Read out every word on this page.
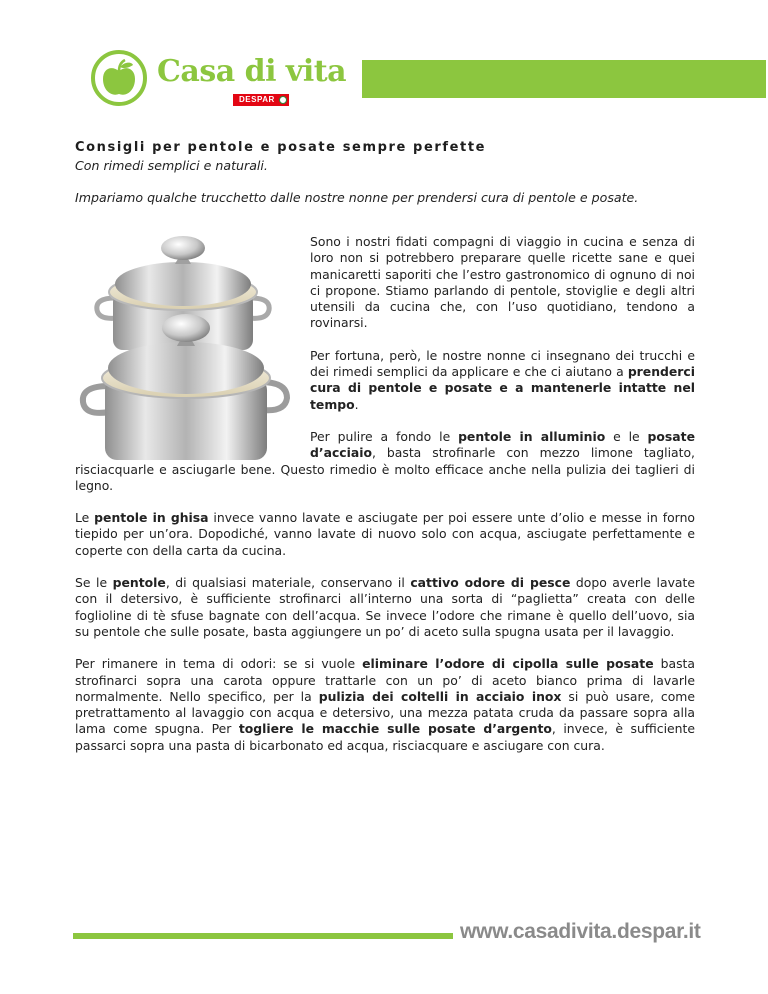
Casa di vita
DESPAR
Consigli per pentole e posate sempre perfette

Con rimedi semplici e naturali.

Impariamo qualche trucchetto dalle nostre nonne per prendersi cura di pentole e posate.

Sono i nostri fidati compagni di viaggio in cucina e senza di loro non si potrebbero preparare quelle ricette sane e quei manicaretti saporiti che l’estro gastronomico di ognuno di noi ci propone. Stiamo parlando di pentole, stoviglie e degli altri utensili da cucina che, con l’uso quotidiano, tendono a rovinarsi.

Per fortuna, però, le nostre nonne ci insegnano dei trucchi e dei rimedi semplici da applicare e che ci aiutano a prenderci cura di pentole e posate e a mantenerle intatte nel tempo.

Per pulire a fondo le pentole in alluminio e le posate d’acciaio, basta strofinarle con mezzo limone tagliato, risciacquarle e asciugarle bene. Questo rimedio è molto efficace anche nella pulizia dei taglieri di legno.

Le pentole in ghisa invece vanno lavate e asciugate per poi essere unte d’olio e messe in forno tiepido per un’ora. Dopodiché, vanno lavate di nuovo solo con acqua, asciugate perfettamente e coperte con della carta da cucina.

Se le pentole, di qualsiasi materiale, conservano il cattivo odore di pesce dopo averle lavate con il detersivo, è sufficiente strofinarci all’interno una sorta di “paglietta” creata con delle foglioline di tè sfuse bagnate con dell’acqua. Se invece l’odore che rimane è quello dell’uovo, sia su pentole che sulle posate, basta aggiungere un po’ di aceto sulla spugna usata per il lavaggio.

Per rimanere in tema di odori: se si vuole eliminare l’odore di cipolla sulle posate basta strofinarci sopra una carota oppure trattarle con un po’ di aceto bianco prima di lavarle normalmente. Nello specifico, per la pulizia dei coltelli in acciaio inox si può usare, come pretrattamento al lavaggio con acqua e detersivo, una mezza patata cruda da passare sopra alla lama come spugna. Per togliere le macchie sulle posate d’argento, invece, è sufficiente passarci sopra una pasta di bicarbonato ed acqua, risciacquare e asciugare con cura.

www.casadivita.despar.it
